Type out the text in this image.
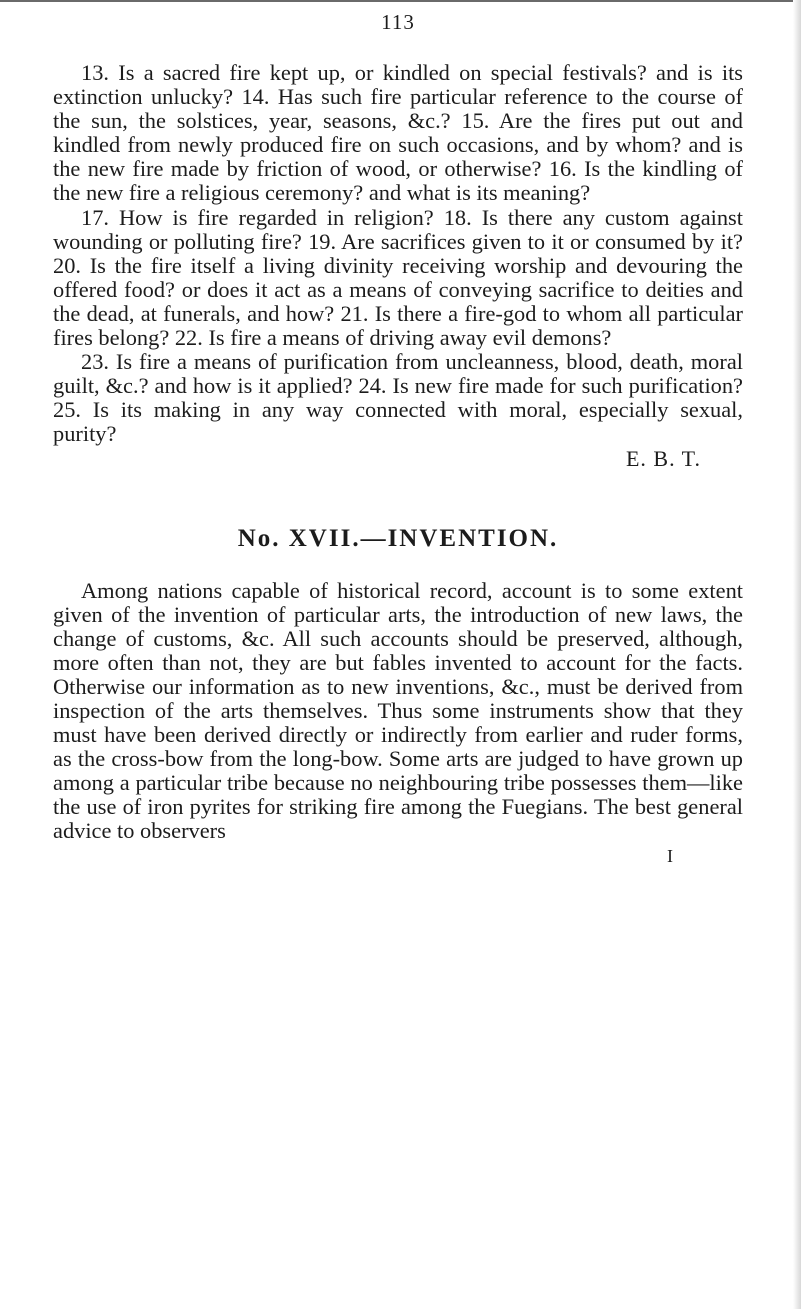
113

13. Is a sacred fire kept up, or kindled on special festivals? and is its extinction unlucky? 14. Has such fire particular reference to the course of the sun, the solstices, year, seasons, &c.? 15. Are the fires put out and kindled from newly produced fire on such occasions, and by whom? and is the new fire made by friction of wood, or otherwise? 16. Is the kindling of the new fire a religious ceremony? and what is its meaning?

17. How is fire regarded in religion? 18. Is there any custom against wounding or polluting fire? 19. Are sacrifices given to it or consumed by it? 20. Is the fire itself a living divinity receiving worship and devouring the offered food? or does it act as a means of conveying sacrifice to deities and the dead, at funerals, and how? 21. Is there a fire-god to whom all particular fires belong? 22. Is fire a means of driving away evil demons?

23. Is fire a means of purification from uncleanness, blood, death, moral guilt, &c.? and how is it applied? 24. Is new fire made for such purification? 25. Is its making in any way connected with moral, especially sexual, purity?

E. B. T.
No. XVII.—INVENTION.

Among nations capable of historical record, account is to some extent given of the invention of particular arts, the introduction of new laws, the change of customs, &c. All such accounts should be preserved, although, more often than not, they are but fables invented to account for the facts. Otherwise our information as to new inventions, &c., must be derived from inspection of the arts themselves. Thus some instruments show that they must have been derived directly or indirectly from earlier and ruder forms, as the cross-bow from the long-bow. Some arts are judged to have grown up among a particular tribe because no neighbouring tribe possesses them—like the use of iron pyrites for striking fire among the Fuegians. The best general advice to observers

I
